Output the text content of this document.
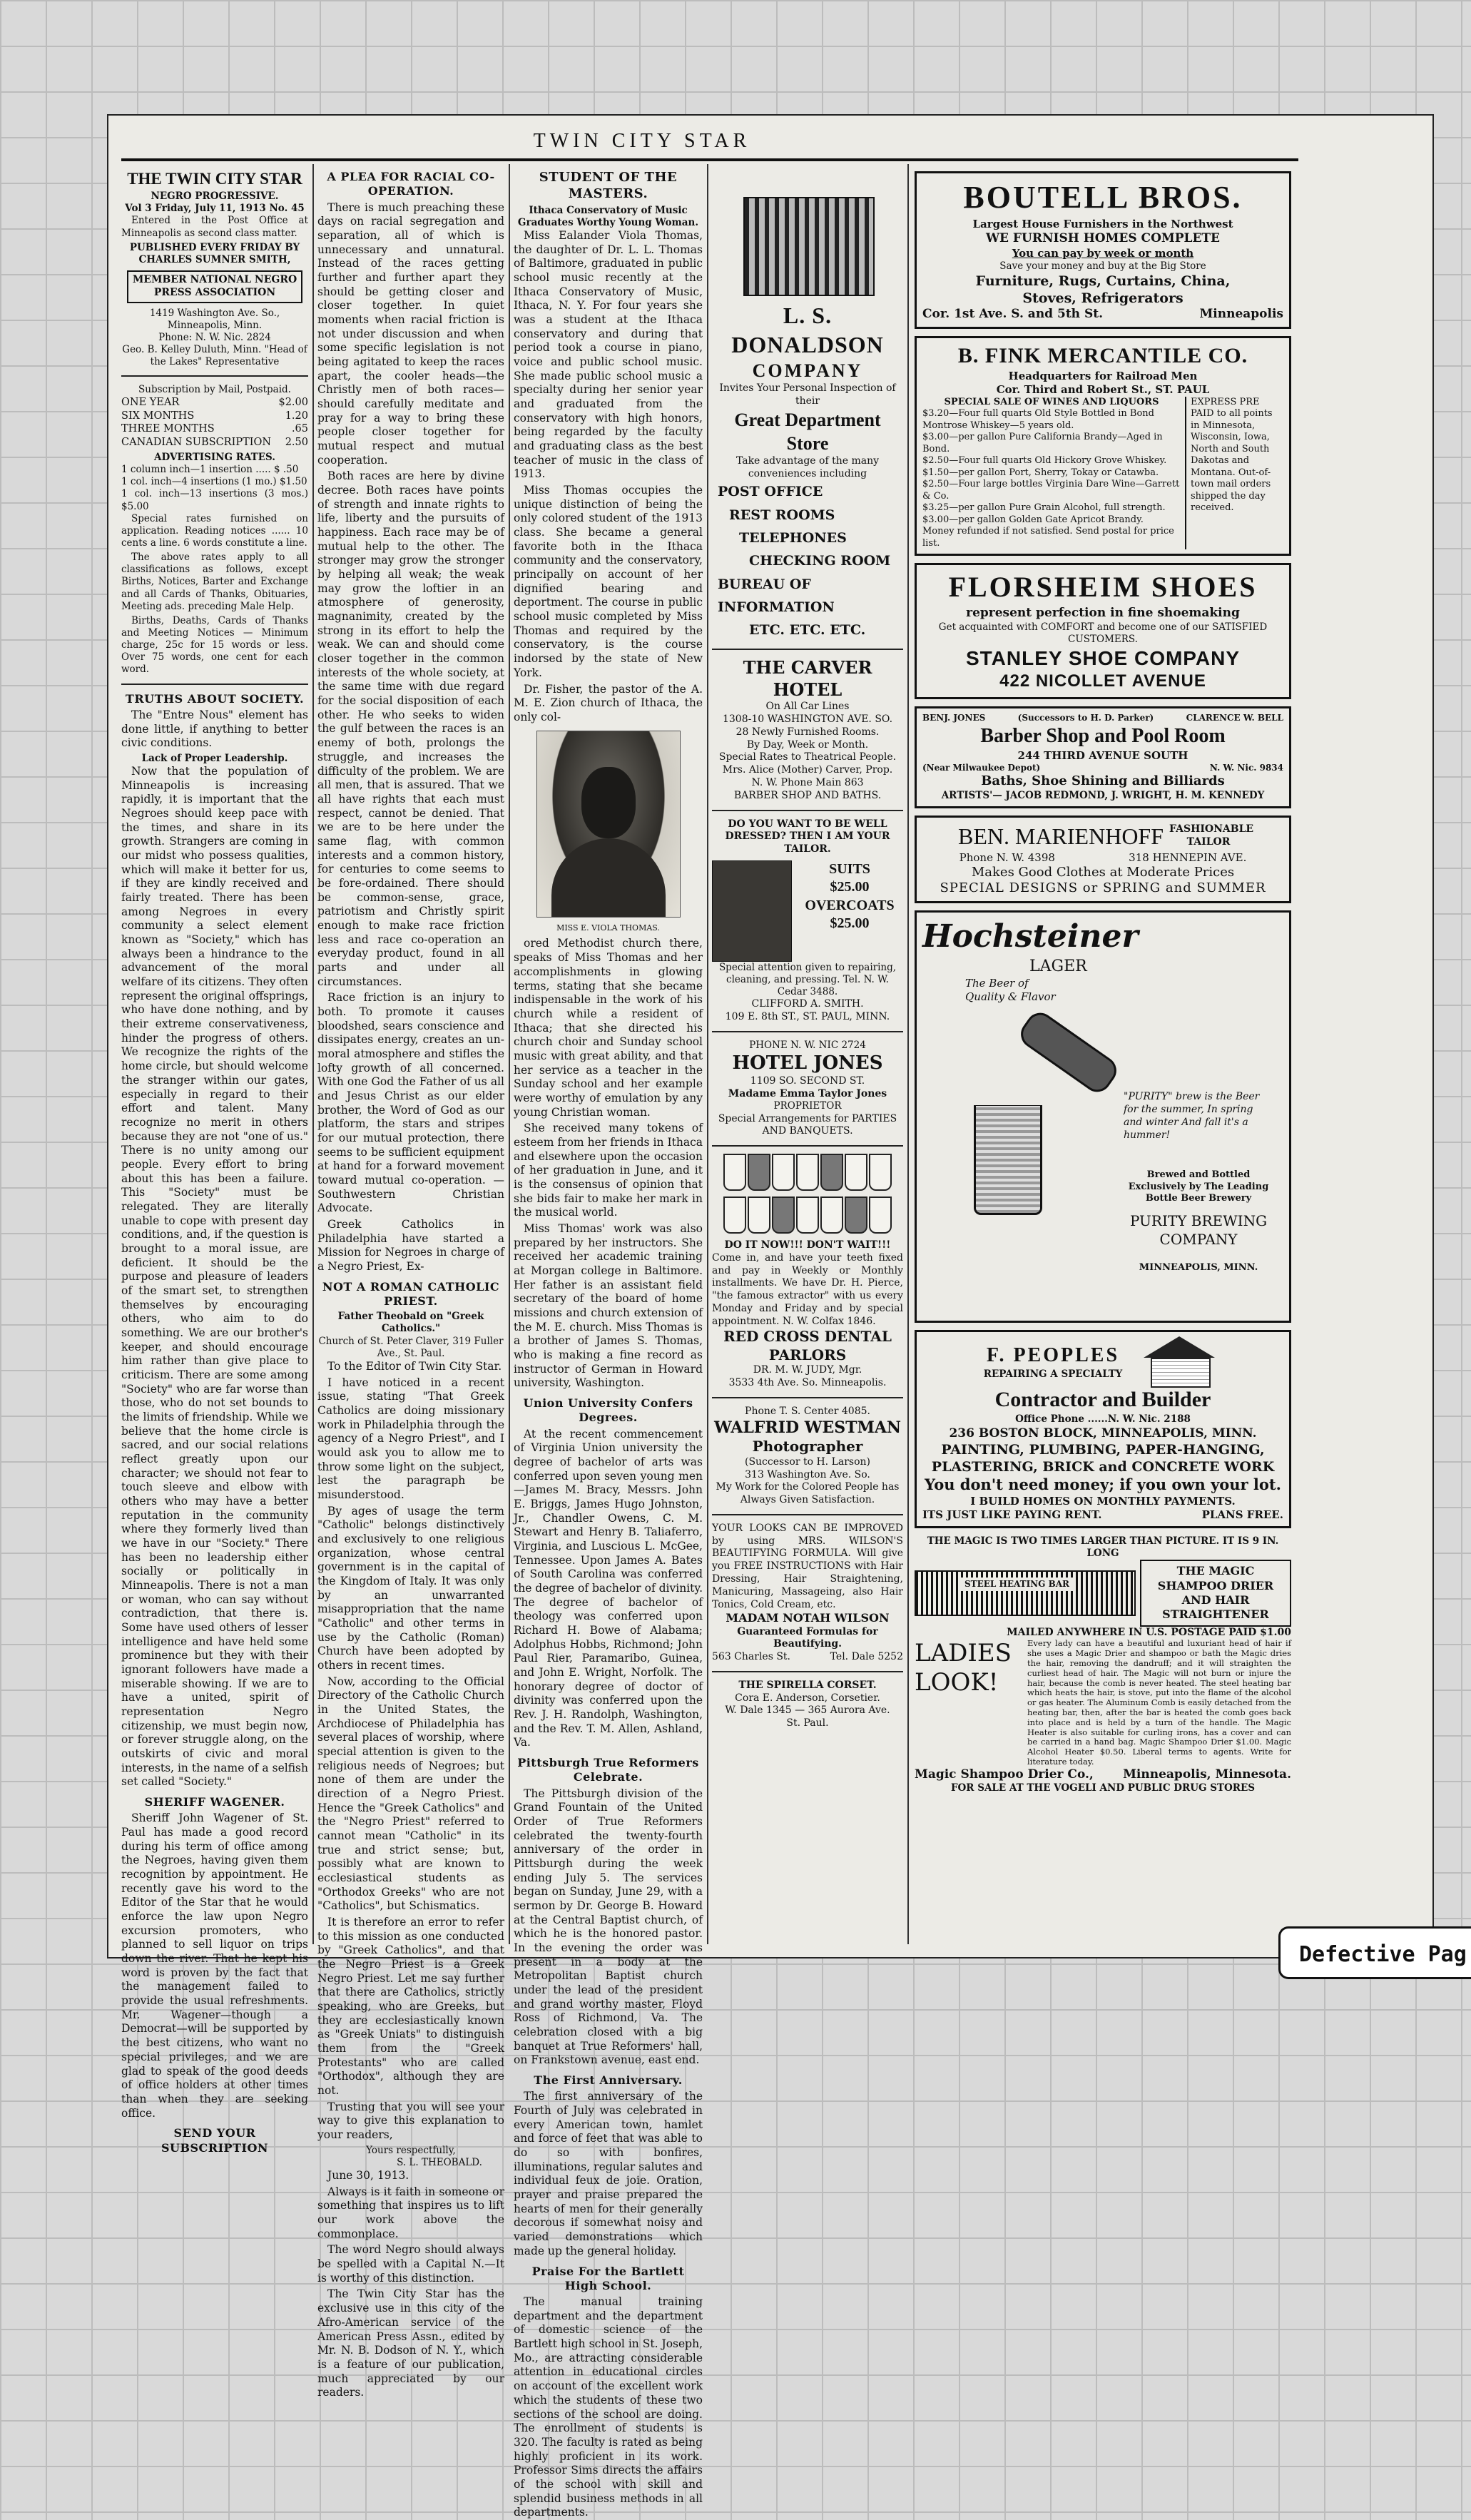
TWIN CITY STAR
THE TWIN CITY STAR
NEGRO PROGRESSIVE.
Vol 3 Friday, July 11, 1913 No. 45

Entered in the Post Office at Minneapolis as second class matter.

PUBLISHED EVERY FRIDAY BY
CHARLES SUMNER SMITH,
MEMBER NATIONAL NEGRO PRESS ASSOCIATION
1419 Washington Ave. So., Minneapolis, Minn.
Phone: N. W. Nic. 2824
Geo. B. Kelley Duluth, Minn. "Head of the Lakes" Representative
Subscription by Mail, Postpaid.
ONE YEAR	$2.00
SIX MONTHS	1.20
THREE MONTHS	.65
CANADIAN SUBSCRIPTION 2.50
ADVERTISING RATES.
1 column inch—1 insertion ..... $ .50
1 col. inch—4 insertions (1 mo.) $1.50
1 col. inch—13 insertions (3 mos.) $5.00

Special rates furnished on application. Reading notices ...... 10 cents a line. 6 words constitute a line.

The above rates apply to all classifications as follows, except Births, Notices, Barter and Exchange and all Cards of Thanks, Obituaries, Meeting ads. preceding Male Help.

Births, Deaths, Cards of Thanks and Meeting Notices — Minimum charge, 25c for 15 words or less. Over 75 words, one cent for each word.

TRUTHS ABOUT SOCIETY.

The "Entre Nous" element has done little, if anything to better civic conditions.

Lack of Proper Leadership.

Now that the population of Minneapolis is increasing rapidly, it is important that the Negroes should keep pace with the times, and share in its growth. Strangers are coming in our midst who possess qualities, which will make it better for us, if they are kindly received and fairly treated. There has been among Negroes in every community a select element known as "Society," which has always been a hindrance to the advancement of the moral welfare of its citizens. They often represent the original offsprings, who have done nothing, and by their extreme conservativeness, hinder the progress of others. We recognize the rights of the home circle, but should welcome the stranger within our gates, especially in regard to their effort and talent. Many recognize no merit in others because they are not "one of us." There is no unity among our people. Every effort to bring about this has been a failure. This "Society" must be relegated. They are literally unable to cope with present day conditions, and, if the question is brought to a moral issue, are deficient. It should be the purpose and pleasure of leaders of the smart set, to strengthen themselves by encouraging others, who aim to do something. We are our brother's keeper, and should encourage him rather than give place to criticism. There are some among "Society" who are far worse than those, who do not set bounds to the limits of friendship. While we believe that the home circle is sacred, and our social relations reflect greatly upon our character; we should not fear to touch sleeve and elbow with others who may have a better reputation in the community where they formerly lived than we have in our "Society." There has been no leadership either socially or politically in Minneapolis. There is not a man or woman, who can say without contradiction, that there is. Some have used others of lesser intelligence and have held some prominence but they with their ignorant followers have made a miserable showing. If we are to have a united, spirit of representation Negro citizenship, we must begin now, or forever struggle along, on the outskirts of civic and moral interests, in the name of a selfish set called "Society."

SHERIFF WAGENER.

Sheriff John Wagener of St. Paul has made a good record during his term of office among the Negroes, having given them recognition by appointment. He recently gave his word to the Editor of the Star that he would enforce the law upon Negro excursion promoters, who planned to sell liquor on trips down the river. That he kept his word is proven by the fact that the management failed to provide the usual refreshments. Mr. Wagener—though a Democrat—will be supported by the best citizens, who want no special privileges, and we are glad to speak of the good deeds of office holders at other times than when they are seeking office.

SEND YOUR SUBSCRIPTION
A PLEA FOR RACIAL CO-OPERATION.

There is much preaching these days on racial segregation and separation, all of which is unnecessary and unnatural. Instead of the races getting further and further apart they should be getting closer and closer together. In quiet moments when racial friction is not under discussion and when some specific legislation is not being agitated to keep the races apart, the cooler heads—the Christly men of both races—should carefully meditate and pray for a way to bring these people closer together for mutual respect and mutual cooperation.

Both races are here by divine decree. Both races have points of strength and innate rights to life, liberty and the pursuits of happiness. Each race may be of mutual help to the other. The stronger may grow the stronger by helping all weak; the weak may grow the loftier in an atmosphere of generosity, magnanimity, created by the strong in its effort to help the weak. We can and should come closer together in the common interests of the whole society, at the same time with due regard for the social disposition of each other. He who seeks to widen the gulf between the races is an enemy of both, prolongs the struggle, and increases the difficulty of the problem. We are all men, that is assured. That we all have rights that each must respect, cannot be denied. That we are to be here under the same flag, with common interests and a common history, for centuries to come seems to be fore-ordained. There should be common-sense, grace, patriotism and Christly spirit enough to make race friction less and race co-operation an everyday product, found in all parts and under all circumstances.

Race friction is an injury to both. To promote it causes bloodshed, sears conscience and dissipates energy, creates an un-moral atmosphere and stifles the lofty growth of all concerned. With one God the Father of us all and Jesus Christ as our elder brother, the Word of God as our platform, the stars and stripes for our mutual protection, there seems to be sufficient equipment at hand for a forward movement toward mutual co-operation. — Southwestern Christian Advocate.

Greek Catholics in Philadelphia have started a Mission for Negroes in charge of a Negro Priest, Ex-

NOT A ROMAN CATHOLIC PRIEST.
Father Theobald on "Greek Catholics."
Church of St. Peter Claver, 319 Fuller Ave., St. Paul.

To the Editor of Twin City Star.

I have noticed in a recent issue, stating "That Greek Catholics are doing missionary work in Philadelphia through the agency of a Negro Priest", and I would ask you to allow me to throw some light on the subject, lest the paragraph be misunderstood.

By ages of usage the term "Catholic" belongs distinctively and exclusively to one religious organization, whose central government is in the capital of the Kingdom of Italy. It was only by an unwarranted misappropriation that the name "Catholic" and other terms in use by the Catholic (Roman) Church have been adopted by others in recent times.

Now, according to the Official Directory of the Catholic Church in the United States, the Archdiocese of Philadelphia has several places of worship, where special attention is given to the religious needs of Negroes; but none of them are under the direction of a Negro Priest. Hence the "Greek Catholics" and the "Negro Priest" referred to cannot mean "Catholic" in its true and strict sense; but, possibly what are known to ecclesiastical students as "Orthodox Greeks" who are not "Catholics", but Schismatics.

It is therefore an error to refer to this mission as one conducted by "Greek Catholics", and that the Negro Priest is a Greek Negro Priest. Let me say further that there are Catholics, strictly speaking, who are Greeks, but they are ecclesiastically known as "Greek Uniats" to distinguish them from the "Greek Protestants" who are called "Orthodox", although they are not.

Trusting that you will see your way to give this explanation to your readers,

Yours respectfully,
S. L. THEOBALD.

June 30, 1913.

Always is it faith in someone or something that inspires us to lift our work above the commonplace.

The word Negro should always be spelled with a Capital N.—It is worthy of this distinction.

The Twin City Star has the exclusive use in this city of the Afro-American service of the American Press Assn., edited by Mr. N. B. Dodson of N. Y., which is a feature of our publication, much appreciated by our readers.

STUDENT OF THE MASTERS.
Ithaca Conservatory of Music Graduates Worthy Young Woman.

Miss Ealander Viola Thomas, the daughter of Dr. L. L. Thomas of Baltimore, graduated in public school music recently at the Ithaca Conservatory of Music, Ithaca, N. Y. For four years she was a student at the Ithaca conservatory and during that period took a course in piano, voice and public school music. She made public school music a specialty during her senior year and graduated from the conservatory with high honors, being regarded by the faculty and graduating class as the best teacher of music in the class of 1913.

Miss Thomas occupies the unique distinction of being the only colored student of the 1913 class. She became a general favorite both in the Ithaca community and the conservatory, principally on account of her dignified bearing and deportment. The course in public school music completed by Miss Thomas and required by the conservatory, is the course indorsed by the state of New York.

Dr. Fisher, the pastor of the A. M. E. Zion church of Ithaca, the only col-

MISS E. VIOLA THOMAS.

ored Methodist church there, speaks of Miss Thomas and her accomplishments in glowing terms, stating that she became indispensable in the work of his church while a resident of Ithaca; that she directed his church choir and Sunday school music with great ability, and that her service as a teacher in the Sunday school and her example were worthy of emulation by any young Christian woman.

She received many tokens of esteem from her friends in Ithaca and elsewhere upon the occasion of her graduation in June, and it is the consensus of opinion that she bids fair to make her mark in the musical world.

Miss Thomas' work was also prepared by her instructors. She received her academic training at Morgan college in Baltimore. Her father is an assistant field secretary of the board of home missions and church extension of the M. E. church. Miss Thomas is a brother of James S. Thomas, who is making a fine record as instructor of German in Howard university, Washington.

Union University Confers Degrees.

At the recent commencement of Virginia Union university the degree of bachelor of arts was conferred upon seven young men—James M. Bracy, Messrs. John E. Briggs, James Hugo Johnston, Jr., Chandler Owens, C. M. Stewart and Henry B. Taliaferro, Virginia, and Luscious L. McGee, Tennessee. Upon James A. Bates of South Carolina was conferred the degree of bachelor of divinity. The degree of bachelor of theology was conferred upon Richard H. Bowe of Alabama; Adolphus Hobbs, Richmond; John Paul Rier, Paramaribo, Guinea, and John E. Wright, Norfolk. The honorary degree of doctor of divinity was conferred upon the Rev. J. H. Randolph, Washington, and the Rev. T. M. Allen, Ashland, Va.

Pittsburgh True Reformers Celebrate.

The Pittsburgh division of the Grand Fountain of the United Order of True Reformers celebrated the twenty-fourth anniversary of the order in Pittsburgh during the week ending July 5. The services began on Sunday, June 29, with a sermon by Dr. George B. Howard at the Central Baptist church, of which he is the honored pastor. In the evening the order was present in a body at the Metropolitan Baptist church under the lead of the president and grand worthy master, Floyd Ross of Richmond, Va. The celebration closed with a big banquet at True Reformers' hall, on Frankstown avenue, east end.

The First Anniversary.

The first anniversary of the Fourth of July was celebrated in every American town, hamlet and force of feet that was able to do so with bonfires, illuminations, regular salutes and individual feux de joie. Oration, prayer and praise prepared the hearts of men for their generally decorous if somewhat noisy and varied demonstrations which made up the general holiday.

Praise For the Bartlett High School.

The manual training department and the department of domestic science of the Bartlett high school in St. Joseph, Mo., are attracting considerable attention in educational circles on account of the excellent work which the students of these two sections of the school are doing. The enrollment of students is 320. The faculty is rated as being highly proficient in its work. Professor Sims directs the affairs of the school with skill and splendid business methods in all departments.

L. S. DONALDSON
COMPANY
Invites Your Personal Inspection of their
Great Department Store
Take advantage of the many conveniences including
POST OFFICE
REST ROOMS
TELEPHONES
CHECKING ROOM
BUREAU OF INFORMATION
ETC. ETC. ETC.
THE CARVER HOTEL
On All Car Lines
1308-10 WASHINGTON AVE. SO.
28 Newly Furnished Rooms.
By Day, Week or Month.
Special Rates to Theatrical People.
Mrs. Alice (Mother) Carver, Prop.
N. W. Phone Main 863
BARBER SHOP AND BATHS.
DO YOU WANT TO BE WELL DRESSED? THEN I AM YOUR TAILOR.
SUITS
$25.00
OVERCOATS
$25.00
Special attention given to repairing, cleaning, and pressing. Tel. N. W. Cedar 3488.
CLIFFORD A. SMITH.
109 E. 8th ST., ST. PAUL, MINN.
PHONE N. W. NIC 2724
HOTEL JONES
1109 SO. SECOND ST.
Madame Emma Taylor Jones
PROPRIETOR
Special Arrangements for PARTIES AND BANQUETS.
DO IT NOW!!! DON'T WAIT!!!
Come in, and have your teeth fixed and pay in Weekly or Monthly installments. We have Dr. H. Pierce, "the famous extractor" with us every Monday and Friday and by special appointment. N. W. Colfax 1846.
RED CROSS DENTAL PARLORS
DR. M. W. JUDY, Mgr.
3533 4th Ave. So. Minneapolis.
Phone T. S. Center 4085.
WALFRID WESTMAN
Photographer
(Successor to H. Larson)
313 Washington Ave. So.
My Work for the Colored People has Always Given Satisfaction.
YOUR LOOKS CAN BE IMPROVED by using MRS. WILSON'S BEAUTIFYING FORMULA. Will give you FREE INSTRUCTIONS with Hair Dressing, Hair Straightening, Manicuring, Massageing, also Hair Tonics, Cold Cream, etc.
MADAM NOTAH WILSON
Guaranteed Formulas for Beautifying.
563 Charles St.	Tel. Dale 5252
THE SPIRELLA CORSET.
Cora E. Anderson, Corsetier.
W. Dale 1345 — 365 Aurora Ave.
St. Paul.
BOUTELL BROS.
Largest House Furnishers in the Northwest
WE FURNISH HOMES COMPLETE
You can pay by week or month
Save your money and buy at the Big Store
Furniture, Rugs, Curtains, China,
Stoves, Refrigerators
Cor. 1st Ave. S. and 5th St.	Minneapolis
B. FINK MERCANTILE CO.
Headquarters for Railroad Men
Cor. Third and Robert St., ST. PAUL
SPECIAL SALE OF WINES AND LIQUORS
$3.20—Four full quarts Old Style Bottled in Bond Montrose Whiskey—5 years old.
$3.00—per gallon Pure California Brandy—Aged in Bond.
$2.50—Four full quarts Old Hickory Grove Whiskey.
$1.50—per gallon Port, Sherry, Tokay or Catawba.
$2.50—Four large bottles Virginia Dare Wine—Garrett & Co.
$3.25—per gallon Pure Grain Alcohol, full strength.
$3.00—per gallon Golden Gate Apricot Brandy.
Money refunded if not satisfied. Send postal for price list.
EXPRESS PRE PAID to all points in Minnesota, Wisconsin, Iowa, North and South Dakotas and Montana. Out-of-town mail orders shipped the day received.
FLORSHEIM SHOES
represent perfection in fine shoemaking
Get acquainted with COMFORT and become one of our SATISFIED CUSTOMERS.
STANLEY SHOE COMPANY
422 NICOLLET AVENUE
BENJ. JONES	(Successors to H. D. Parker)	CLARENCE W. BELL
Barber Shop and Pool Room
244 THIRD AVENUE SOUTH
(Near Milwaukee Depot)	N. W. Nic. 9834
Baths, Shoe Shining and Billiards
ARTISTS'— JACOB REDMOND, J. WRIGHT, H. M. KENNEDY
BEN. MARIENHOFF FASHIONABLE TAILOR
Phone N. W. 4398	318 HENNEPIN AVE.
Makes Good Clothes at Moderate Prices
SPECIAL DESIGNS or SPRING and SUMMER
Hochsteiner
LAGER
The Beer of Quality & Flavor
"PURITY" brew is the Beer for the summer, In spring and winter And fall it's a hummer!
Brewed and Bottled Exclusively by The Leading Bottle Beer Brewery
PURITY BREWING COMPANY
MINNEAPOLIS, MINN.
F. PEOPLES
REPAIRING A SPECIALTY
Contractor and Builder
Office Phone ......N. W. Nic. 2188
236 BOSTON BLOCK, MINNEAPOLIS, MINN.
PAINTING, PLUMBING, PAPER-HANGING,
PLASTERING, BRICK and CONCRETE WORK
You don't need money; if you own your lot.
I BUILD HOMES ON MONTHLY PAYMENTS.
ITS JUST LIKE PAYING RENT.	PLANS FREE.
THE MAGIC IS TWO TIMES LARGER THAN PICTURE. IT IS 9 IN. LONG
STEEL HEATING BAR
THE MAGIC SHAMPOO DRIER AND HAIR STRAIGHTENER
MAILED ANYWHERE IN U.S. POSTAGE PAID $1.00
LADIES LOOK!
Every lady can have a beautiful and luxuriant head of hair if she uses a Magic Drier and shampoo or bath the Magic dries the hair, removing the dandruff; and it will straighten the curliest head of hair. The Magic will not burn or injure the hair, because the comb is never heated. The steel heating bar which heats the hair, is stove, put into the flame of the alcohol or gas heater. The Aluminum Comb is easily detached from the heating bar, then, after the bar is heated the comb goes back into place and is held by a turn of the handle. The Magic Heater is also suitable for curling irons, has a cover and can be carried in a hand bag. Magic Shampoo Drier $1.00. Magic Alcohol Heater $0.50. Liberal terms to agents. Write for literature today.
Magic Shampoo Drier Co., Minneapolis, Minnesota.
FOR SALE AT THE VOGELI AND PUBLIC DRUG STORES
Defective Pag
